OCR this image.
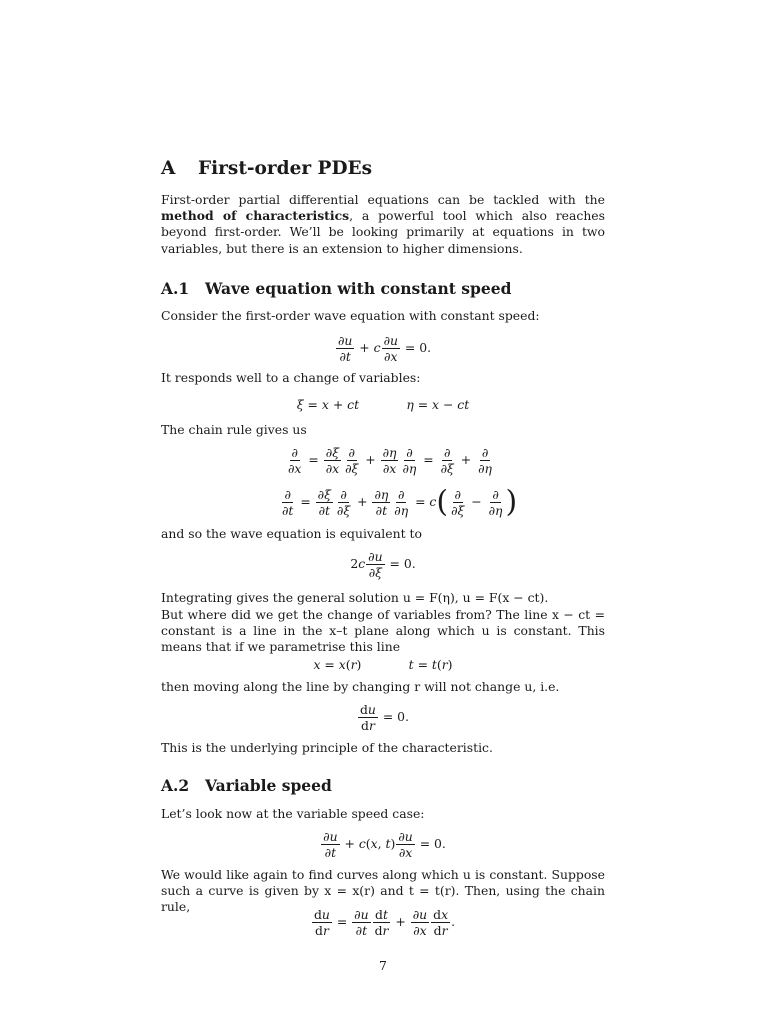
A First-order PDEs
First-order partial differential equations can be tackled with the method of characteristics, a powerful tool which also reaches beyond first-order. We’ll be looking primarily at equations in two variables, but there is an extension to higher dimensions.
A.1 Wave equation with constant speed
Consider the first-order wave equation with constant speed:
$\frac{\partial u}{\partial t} + c \frac{\partial u}{\partial x} = 0$.
It responds well to a change of variables:
ξ = x + ct	η = x − ct
The chain rule gives us
$\frac{\partial}{\partial x} = \frac{\partial\xi}{\partial x} \frac{\partial}{\partial\xi} + \frac{\partial\eta}{\partial x} \frac{\partial}{\partial\eta} = \frac{\partial}{\partial\xi} + \frac{\partial}{\partial\eta}$
$\frac{\partial}{\partial t} = \frac{\partial\xi}{\partial t} \frac{\partial}{\partial\xi} + \frac{\partial\eta}{\partial t} \frac{\partial}{\partial\eta} = c( \frac{\partial}{\partial\xi} - \frac{\partial}{\partial\eta}$ )
and so the wave equation is equivalent to
$2c \frac{\partial u}{\partial\xi} = 0$.
Integrating gives the general solution u = F(η), u = F(x − ct).
But where did we get the change of variables from? The line x − ct = constant is a line in the x–t plane along which u is constant. This means that if we parametrise this line
x = x(r)            t = t(r)
then moving along the line by changing r will not change u, i.e.
$\frac{du}{dr} = 0$.
This is the underlying principle of the characteristic.
A.2 Variable speed
Let’s look now at the variable speed case:
$\frac{\partial u}{\partial t} + c(x$, $t) \frac{\partial u}{\partial x} = 0$.
We would like again to find curves along which u is constant. Suppose such a curve is given by x = x(r) and t = t(r). Then, using the chain rule,
$\frac{du}{dr} = \frac{\partial u}{\partial t} \frac{dt}{dr} + \frac{\partial u}{\partial x} \frac{dx}{dr}$ .
7
